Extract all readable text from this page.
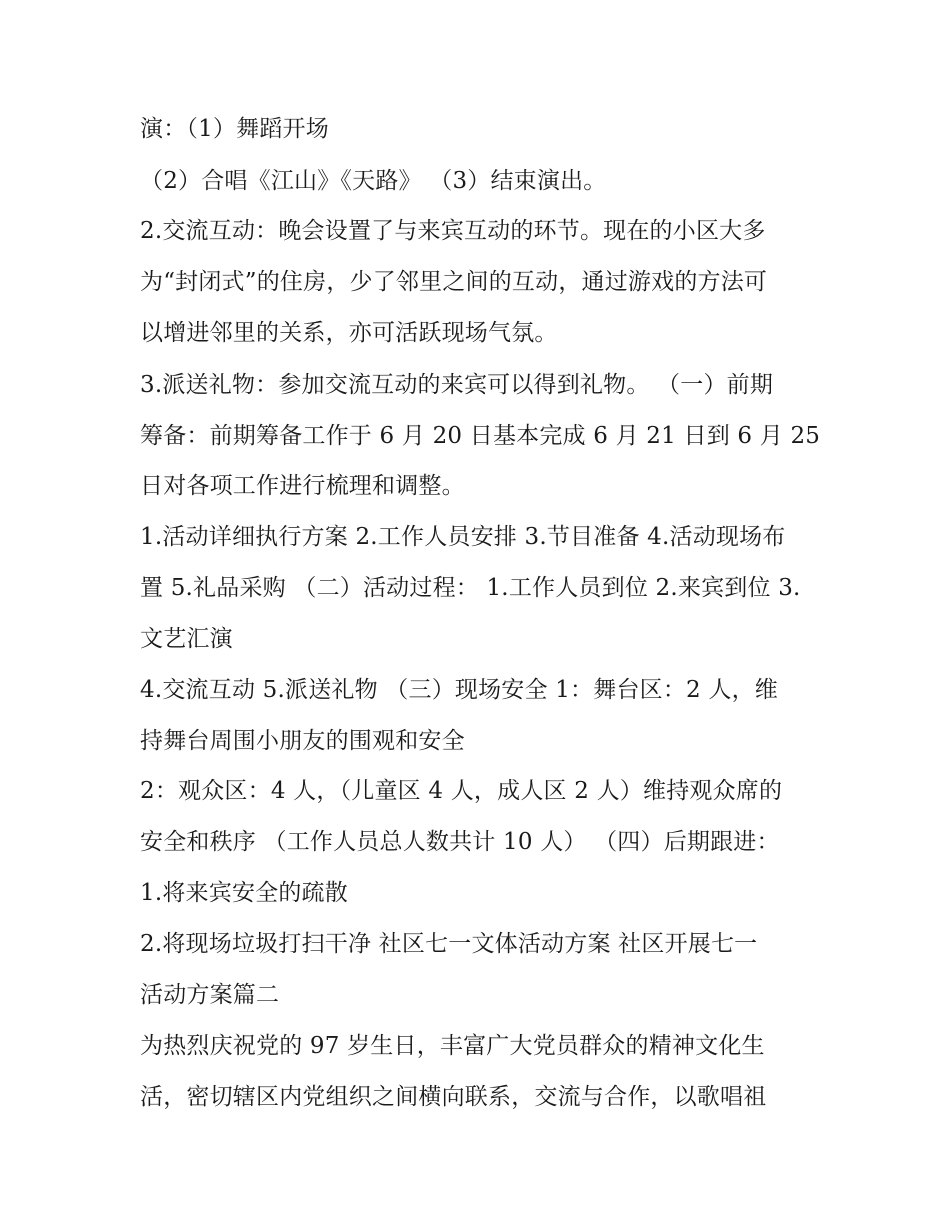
演：（1）舞蹈开场
（2）合唱《江山》《天路》 （3）结束演出。
2.交流互动：晚会设置了与来宾互动的环节。现在的小区大多
为“封闭式”的住房，少了邻里之间的互动，通过游戏的方法可
以增进邻里的关系，亦可活跃现场气氛。
3.派送礼物：参加交流互动的来宾可以得到礼物。 （一）前期
筹备：前期筹备工作于 6 月 20 日基本完成 6 月 21 日到 6 月 25
日对各项工作进行梳理和调整。
1.活动详细执行方案 2.工作人员安排 3.节目准备 4.活动现场布
置 5.礼品采购 （二）活动过程： 1.工作人员到位 2.来宾到位 3.
文艺汇演
4.交流互动 5.派送礼物 （三）现场安全 1：舞台区：2 人，维
持舞台周围小朋友的围观和安全
2：观众区：4 人，（儿童区 4 人，成人区 2 人）维持观众席的
安全和秩序 （工作人员总人数共计 10 人） （四）后期跟进：
1.将来宾安全的疏散
2.将现场垃圾打扫干净 社区七一文体活动方案 社区开展七一
活动方案篇二
为热烈庆祝党的 97 岁生日，丰富广大党员群众的精神文化生
活，密切辖区内党组织之间横向联系，交流与合作，以歌唱祖
